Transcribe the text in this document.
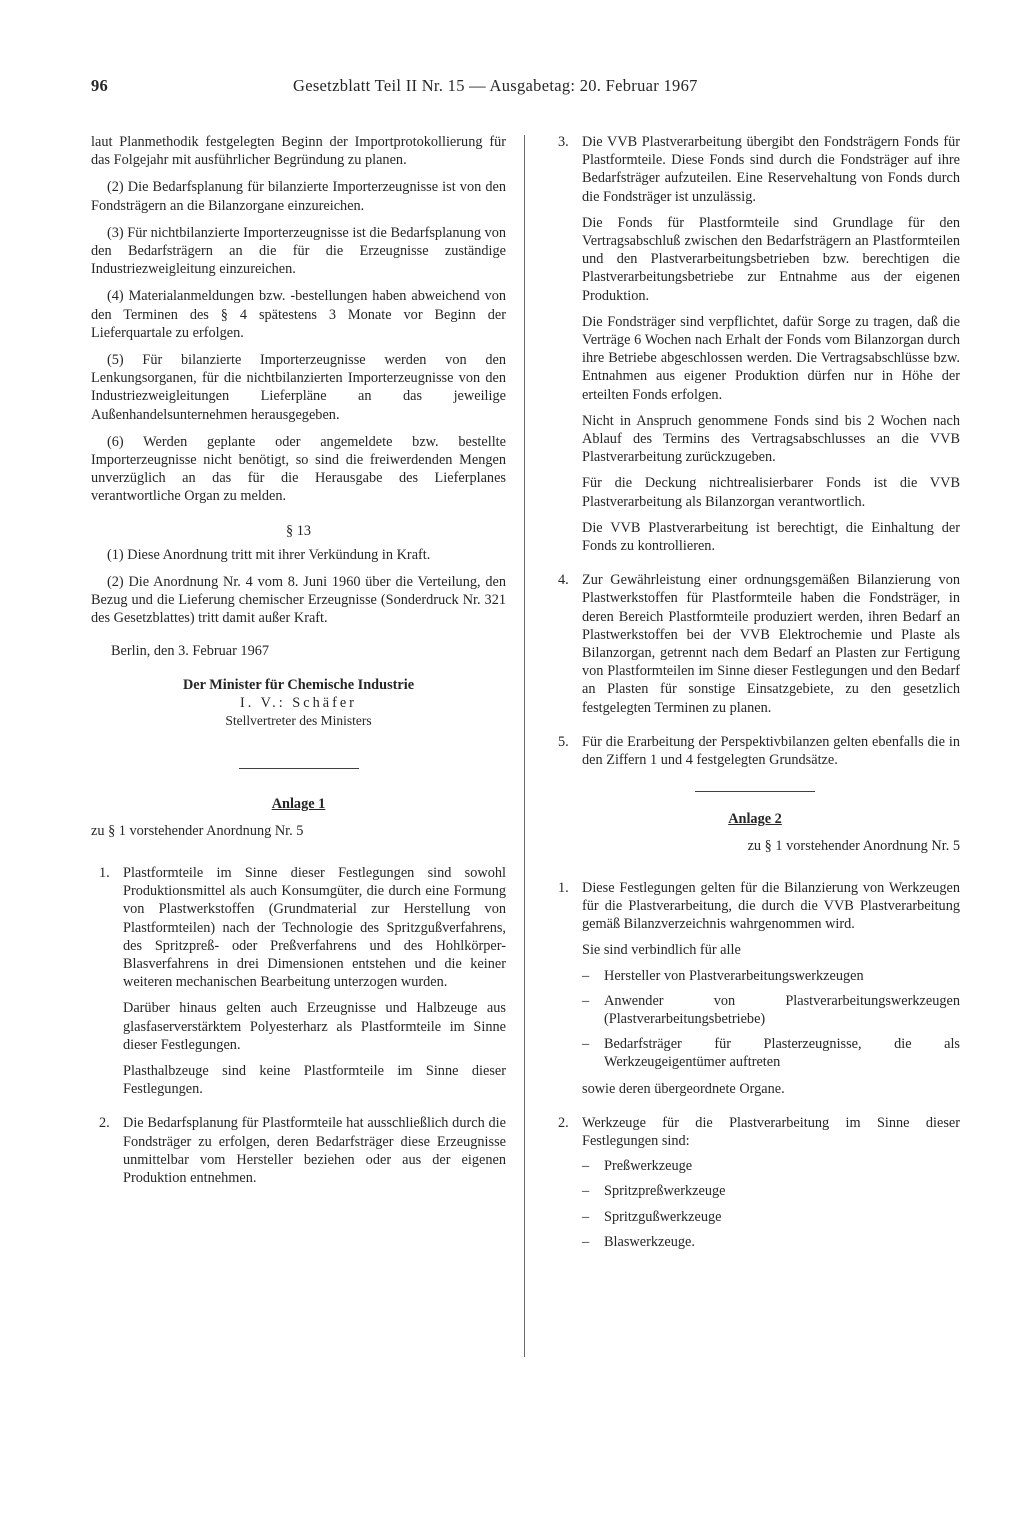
96	Gesetzblatt Teil II Nr. 15 — Ausgabetag: 20. Februar 1967

laut Planmethodik festgelegten Beginn der Importprotokollierung für das Folgejahr mit ausführlicher Begründung zu planen.

(2) Die Bedarfsplanung für bilanzierte Importerzeugnisse ist von den Fondsträgern an die Bilanzorgane einzureichen.

(3) Für nichtbilanzierte Importerzeugnisse ist die Bedarfsplanung von den Bedarfsträgern an die für die Erzeugnisse zuständige Industriezweigleitung einzureichen.

(4) Materialanmeldungen bzw. -bestellungen haben abweichend von den Terminen des § 4 spätestens 3 Monate vor Beginn der Lieferquartale zu erfolgen.

(5) Für bilanzierte Importerzeugnisse werden von den Lenkungsorganen, für die nichtbilanzierten Importerzeugnisse von den Industriezweigleitungen Lieferpläne an das jeweilige Außenhandelsunternehmen herausgegeben.

(6) Werden geplante oder angemeldete bzw. bestellte Importerzeugnisse nicht benötigt, so sind die freiwerdenden Mengen unverzüglich an das für die Herausgabe des Lieferplanes verantwortliche Organ zu melden.

§ 13

(1) Diese Anordnung tritt mit ihrer Verkündung in Kraft.

(2) Die Anordnung Nr. 4 vom 8. Juni 1960 über die Verteilung, den Bezug und die Lieferung chemischer Erzeugnisse (Sonderdruck Nr. 321 des Gesetzblattes) tritt damit außer Kraft.

Berlin, den 3. Februar 1967

Der Minister für Chemische Industrie
I. V.: Schäfer
Stellvertreter des Ministers
Anlage 1

zu § 1 vorstehender Anordnung Nr. 5

1. Plastformteile im Sinne dieser Festlegungen sind sowohl Produktionsmittel als auch Konsumgüter, die durch eine Formung von Plastwerkstoffen (Grundmaterial zur Herstellung von Plastformteilen) nach der Technologie des Spritzgußverfahrens, des Spritzpreß- oder Preßverfahrens und des Hohlkörper-Blasverfahrens in drei Dimensionen entstehen und die keiner weiteren mechanischen Bearbeitung unterzogen wurden.

Darüber hinaus gelten auch Erzeugnisse und Halbzeuge aus glasfaserverstärktem Polyesterharz als Plastformteile im Sinne dieser Festlegungen.

Plasthalbzeuge sind keine Plastformteile im Sinne dieser Festlegungen.

2. Die Bedarfsplanung für Plastformteile hat ausschließlich durch die Fondsträger zu erfolgen, deren Bedarfsträger diese Erzeugnisse unmittelbar vom Hersteller beziehen oder aus der eigenen Produktion entnehmen.

3. Die VVB Plastverarbeitung übergibt den Fondsträgern Fonds für Plastformteile. Diese Fonds sind durch die Fondsträger auf ihre Bedarfsträger aufzuteilen. Eine Reservehaltung von Fonds durch die Fondsträger ist unzulässig.

Die Fonds für Plastformteile sind Grundlage für den Vertragsabschluß zwischen den Bedarfsträgern an Plastformteilen und den Plastverarbeitungsbetrieben bzw. berechtigen die Plastverarbeitungsbetriebe zur Entnahme aus der eigenen Produktion.

Die Fondsträger sind verpflichtet, dafür Sorge zu tragen, daß die Verträge 6 Wochen nach Erhalt der Fonds vom Bilanzorgan durch ihre Betriebe abgeschlossen werden. Die Vertragsabschlüsse bzw. Entnahmen aus eigener Produktion dürfen nur in Höhe der erteilten Fonds erfolgen.

Nicht in Anspruch genommene Fonds sind bis 2 Wochen nach Ablauf des Termins des Vertragsabschlusses an die VVB Plastverarbeitung zurückzugeben.

Für die Deckung nichtrealisierbarer Fonds ist die VVB Plastverarbeitung als Bilanzorgan verantwortlich.

Die VVB Plastverarbeitung ist berechtigt, die Einhaltung der Fonds zu kontrollieren.

4. Zur Gewährleistung einer ordnungsgemäßen Bilanzierung von Plastwerkstoffen für Plastformteile haben die Fondsträger, in deren Bereich Plastformteile produziert werden, ihren Bedarf an Plastwerkstoffen bei der VVB Elektrochemie und Plaste als Bilanzorgan, getrennt nach dem Bedarf an Plasten zur Fertigung von Plastformteilen im Sinne dieser Festlegungen und den Bedarf an Plasten für sonstige Einsatzgebiete, zu den gesetzlich festgelegten Terminen zu planen.

5. Für die Erarbeitung der Perspektivbilanzen gelten ebenfalls die in den Ziffern 1 und 4 festgelegten Grundsätze.

Anlage 2

zu § 1 vorstehender Anordnung Nr. 5

1. Diese Festlegungen gelten für die Bilanzierung von Werkzeugen für die Plastverarbeitung, die durch die VVB Plastverarbeitung gemäß Bilanzverzeichnis wahrgenommen wird.

Sie sind verbindlich für alle

– Hersteller von Plastverarbeitungswerkzeugen
– Anwender von Plastverarbeitungswerkzeugen (Plastverarbeitungsbetriebe)
– Bedarfsträger für Plasterzeugnisse, die als Werkzeugeigentümer auftreten

sowie deren übergeordnete Organe.

2. Werkzeuge für die Plastverarbeitung im Sinne dieser Festlegungen sind:

– Preßwerkzeuge
– Spritzpreßwerkzeuge
– Spritzgußwerkzeuge
– Blaswerkzeuge.
